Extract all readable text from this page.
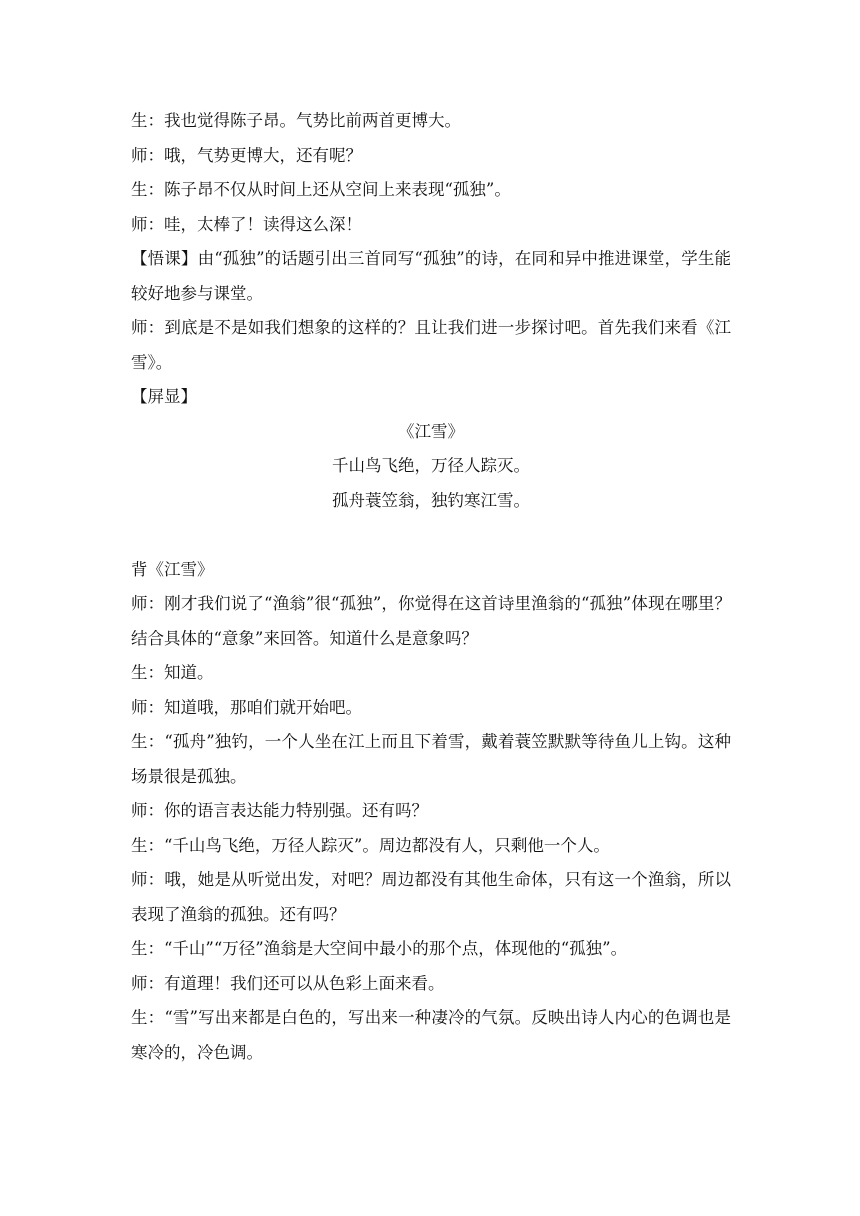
生：我也觉得陈子昂。气势比前两首更博大。

师：哦，气势更博大，还有呢？

生：陈子昂不仅从时间上还从空间上来表现“孤独”。

师：哇，太棒了！读得这么深！

【悟课】由“孤独”的话题引出三首同写“孤独”的诗，在同和异中推进课堂，学生能较好地参与课堂。

师：到底是不是如我们想象的这样的？且让我们进一步探讨吧。首先我们来看《江雪》。

【屏显】

《江雪》
千山鸟飞绝，万径人踪灭。
孤舟蓑笠翁，独钓寒江雪。

背《江雪》

师：刚才我们说了“渔翁”很“孤独”，你觉得在这首诗里渔翁的“孤独”体现在哪里？结合具体的“意象”来回答。知道什么是意象吗？

生：知道。

师：知道哦，那咱们就开始吧。

生：“孤舟”独钓，一个人坐在江上而且下着雪，戴着蓑笠默默等待鱼儿上钩。这种场景很是孤独。

师：你的语言表达能力特别强。还有吗？

生：“千山鸟飞绝，万径人踪灭”。周边都没有人，只剩他一个人。

师：哦，她是从听觉出发，对吧？周边都没有其他生命体，只有这一个渔翁，所以表现了渔翁的孤独。还有吗？

生：“千山”“万径”渔翁是大空间中最小的那个点，体现他的“孤独”。

师：有道理！我们还可以从色彩上面来看。

生：“雪”写出来都是白色的，写出来一种凄冷的气氛。反映出诗人内心的色调也是寒冷的，冷色调。
